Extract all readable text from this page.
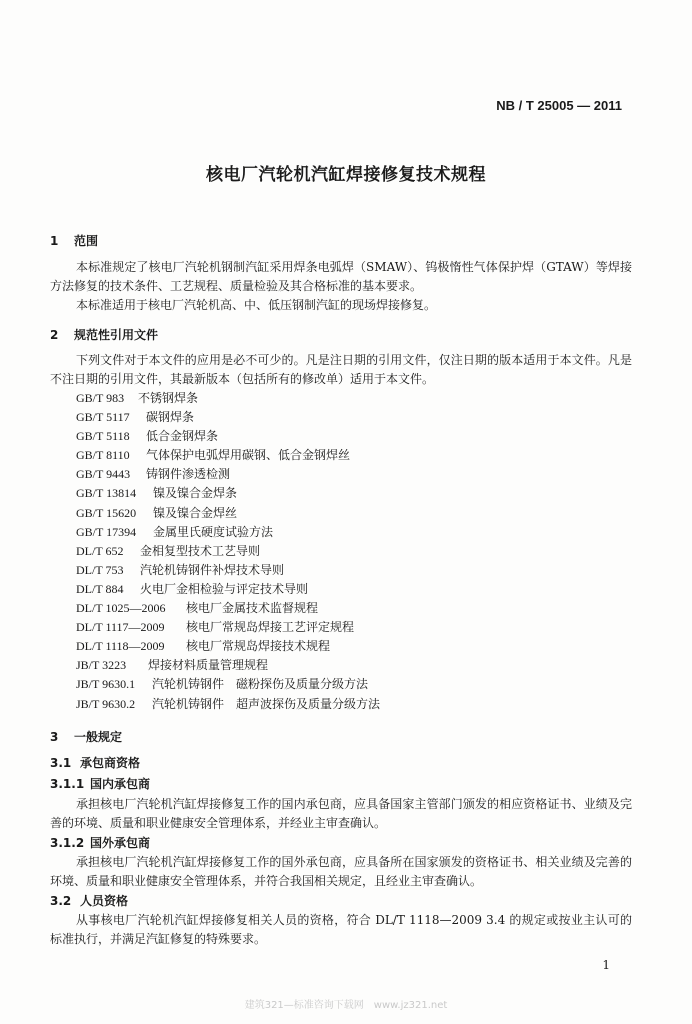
NB / T 25005 — 2011
核电厂汽轮机汽缸焊接修复技术规程
1 范围

本标准规定了核电厂汽轮机钢制汽缸采用焊条电弧焊（SMAW）、钨极惰性气体保护焊（GTAW）等焊接方法修复的技术条件、工艺规程、质量检验及其合格标准的基本要求。

本标准适用于核电厂汽轮机高、中、低压钢制汽缸的现场焊接修复。

2 规范性引用文件

下列文件对于本文件的应用是必不可少的。凡是注日期的引用文件，仅注日期的版本适用于本文件。凡是不注日期的引用文件，其最新版本（包括所有的修改单）适用于本文件。

GB/T 983 不锈钢焊条
GB/T 5117 碳钢焊条
GB/T 5118 低合金钢焊条
GB/T 8110 气体保护电弧焊用碳钢、低合金钢焊丝
GB/T 9443 铸钢件渗透检测
GB/T 13814 镍及镍合金焊条
GB/T 15620 镍及镍合金焊丝
GB/T 17394 金属里氏硬度试验方法
DL/T 652 金相复型技术工艺导则
DL/T 753 汽轮机铸钢件补焊技术导则
DL/T 884 火电厂金相检验与评定技术导则
DL/T 1025—2006 核电厂金属技术监督规程
DL/T 1117—2009 核电厂常规岛焊接工艺评定规程
DL/T 1118—2009 核电厂常规岛焊接技术规程
JB/T 3223 焊接材料质量管理规程
JB/T 9630.1 汽轮机铸钢件　磁粉探伤及质量分级方法
JB/T 9630.2 汽轮机铸钢件　超声波探伤及质量分级方法
3 一般规定
3.1 承包商资格
3.1.1 国内承包商

承担核电厂汽轮机汽缸焊接修复工作的国内承包商，应具备国家主管部门颁发的相应资格证书、业绩及完善的环境、质量和职业健康安全管理体系，并经业主审查确认。

3.1.2 国外承包商

承担核电厂汽轮机汽缸焊接修复工作的国外承包商，应具备所在国家颁发的资格证书、相关业绩及完善的环境、质量和职业健康安全管理体系，并符合我国相关规定，且经业主审查确认。

3.2 人员资格

从事核电厂汽轮机汽缸焊接修复相关人员的资格，符合 DL/T 1118—2009 3.4 的规定或按业主认可的标准执行，并满足汽缸修复的特殊要求。

1
建筑321—标准咨询下载网　www.jz321.net
